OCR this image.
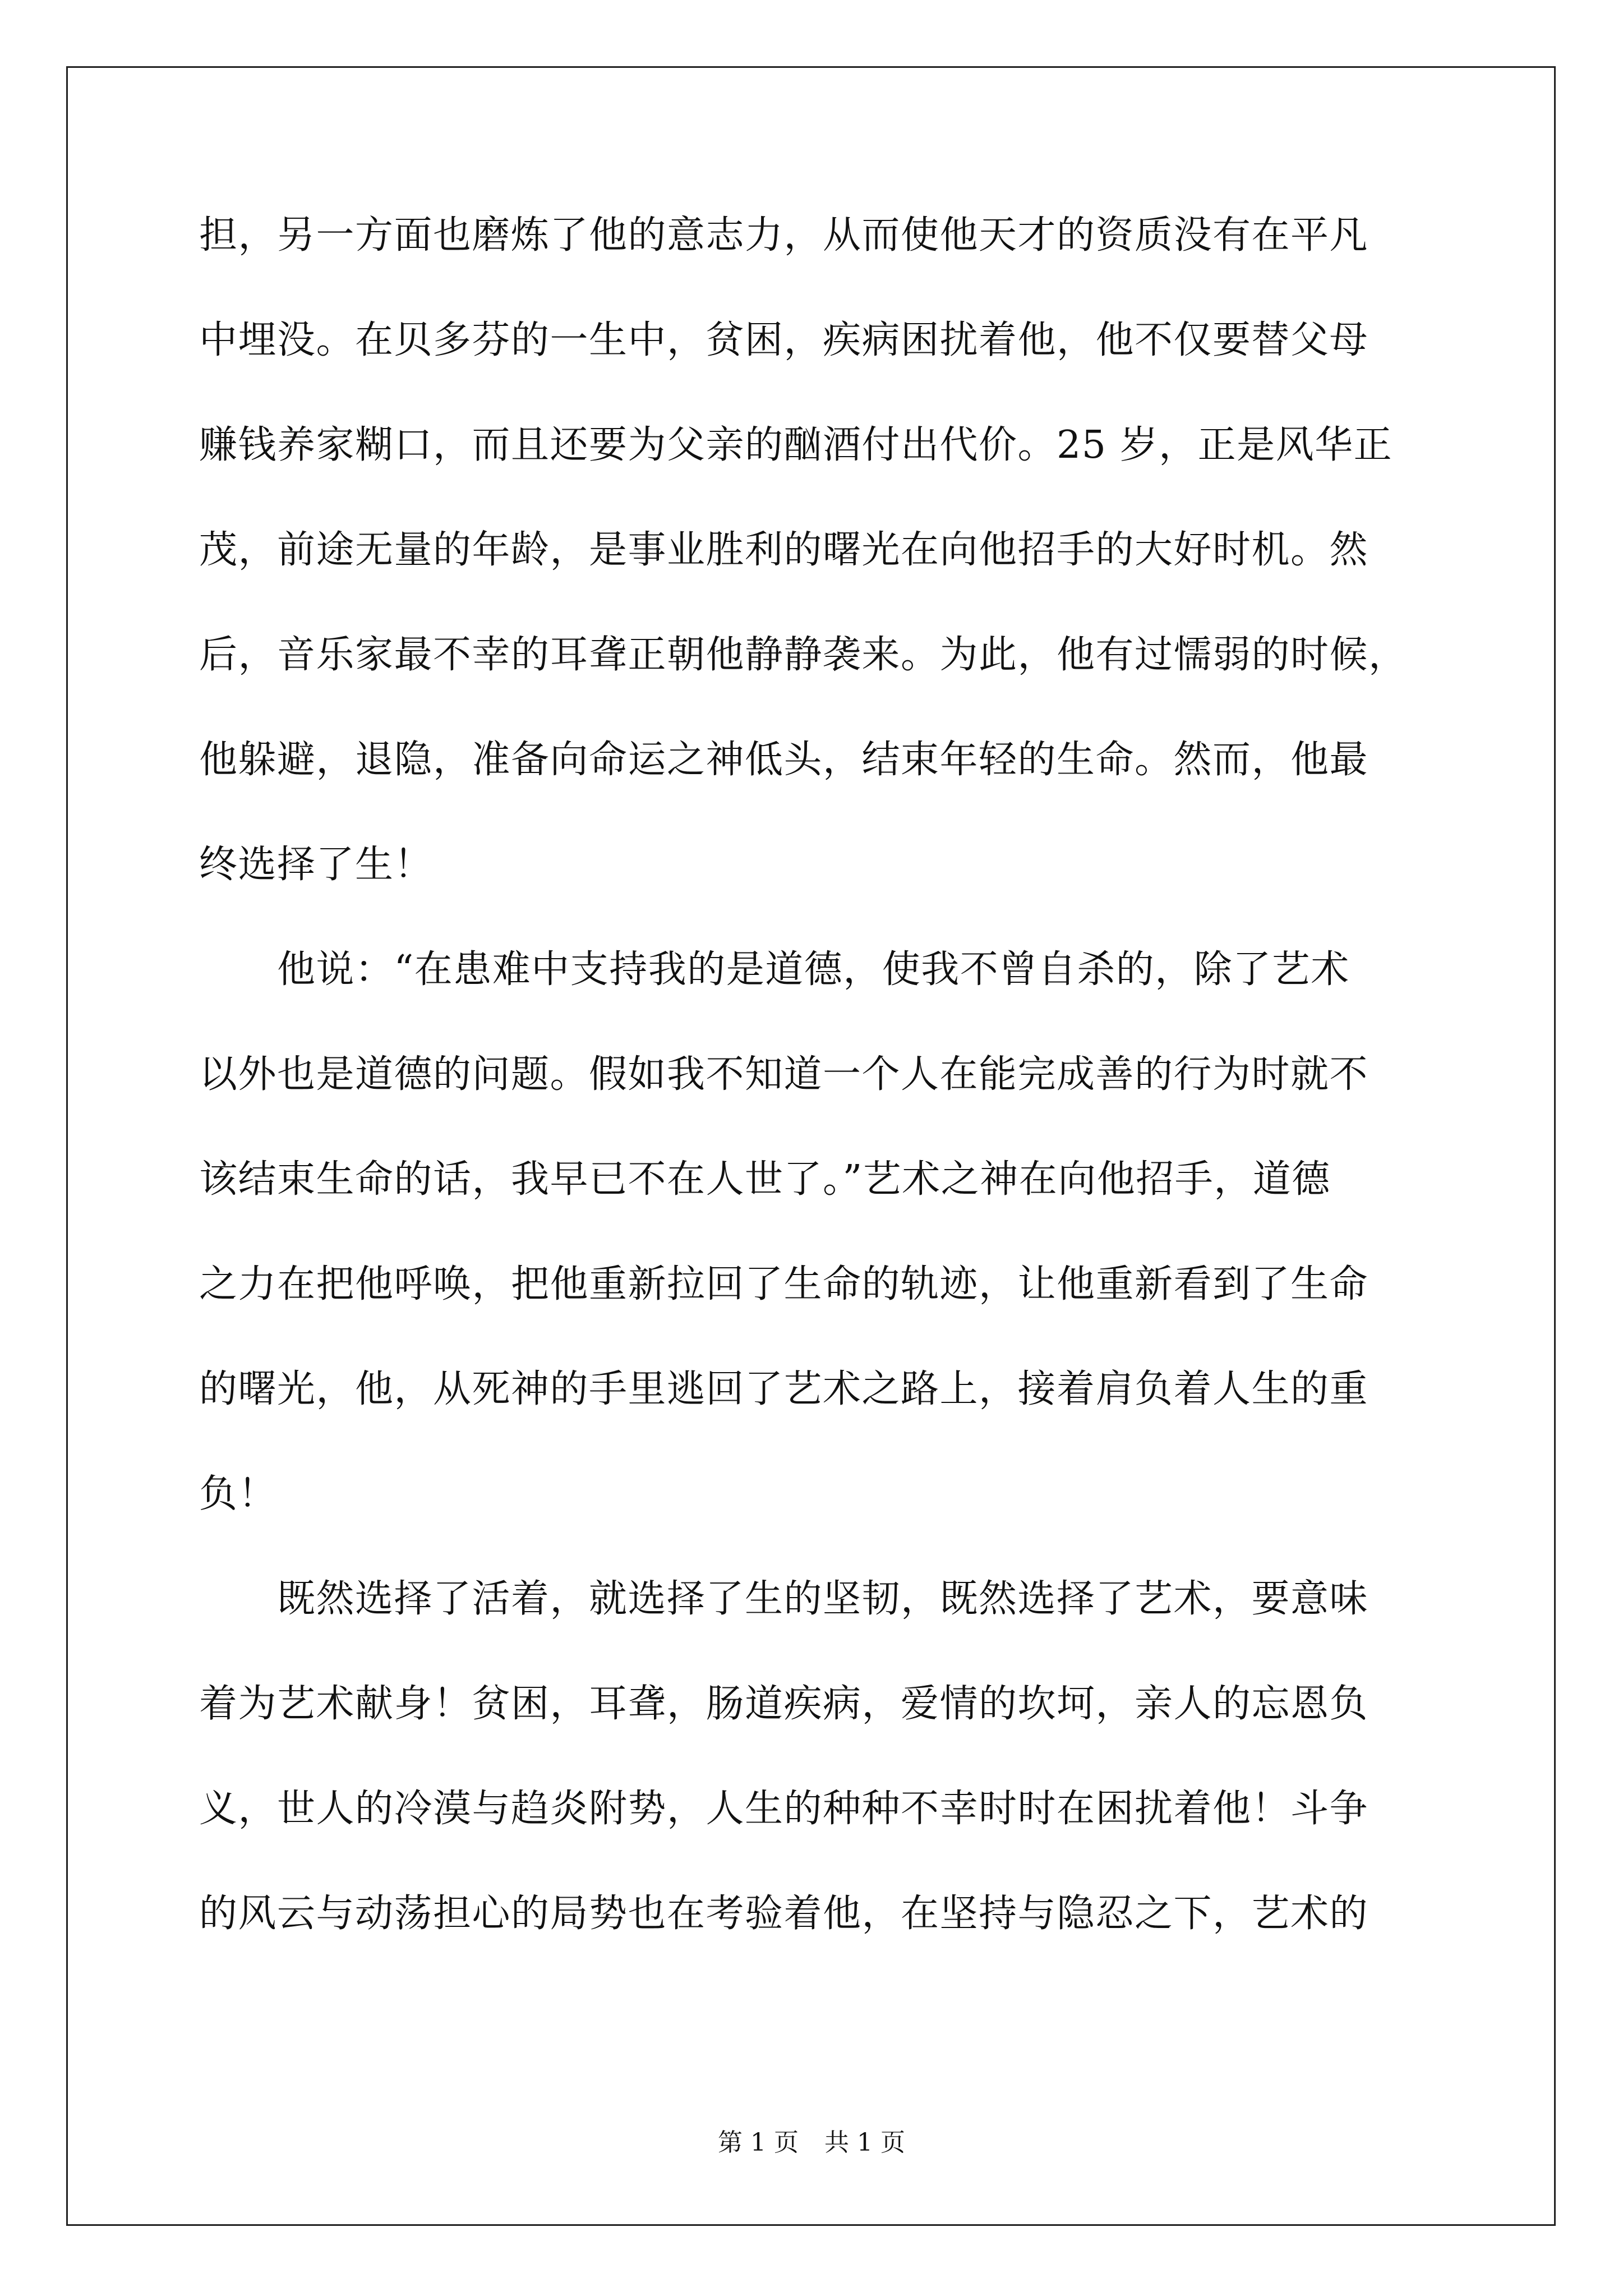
担，另一方面也磨炼了他的意志力，从而使他天才的资质没有在平凡
中埋没。在贝多芬的一生中，贫困，疾病困扰着他，他不仅要替父母
赚钱养家糊口，而且还要为父亲的酗酒付出代价。25 岁，正是风华正
茂，前途无量的年龄，是事业胜利的曙光在向他招手的大好时机。然
后，音乐家最不幸的耳聋正朝他静静袭来。为此，他有过懦弱的时候，
他躲避，退隐，准备向命运之神低头，结束年轻的生命。然而，他最
终选择了生！
　　他说：“在患难中支持我的是道德，使我不曾自杀的，除了艺术
以外也是道德的问题。假如我不知道一个人在能完成善的行为时就不
该结束生命的话，我早已不在人世了。”艺术之神在向他招手，道德
之力在把他呼唤，把他重新拉回了生命的轨迹，让他重新看到了生命
的曙光，他，从死神的手里逃回了艺术之路上，接着肩负着人生的重
负！
　　既然选择了活着，就选择了生的坚韧，既然选择了艺术，要意味
着为艺术献身！贫困，耳聋，肠道疾病，爱情的坎坷，亲人的忘恩负
义，世人的冷漠与趋炎附势，人生的种种不幸时时在困扰着他！斗争
的风云与动荡担心的局势也在考验着他，在坚持与隐忍之下，艺术的
第 1 页 共 1 页
